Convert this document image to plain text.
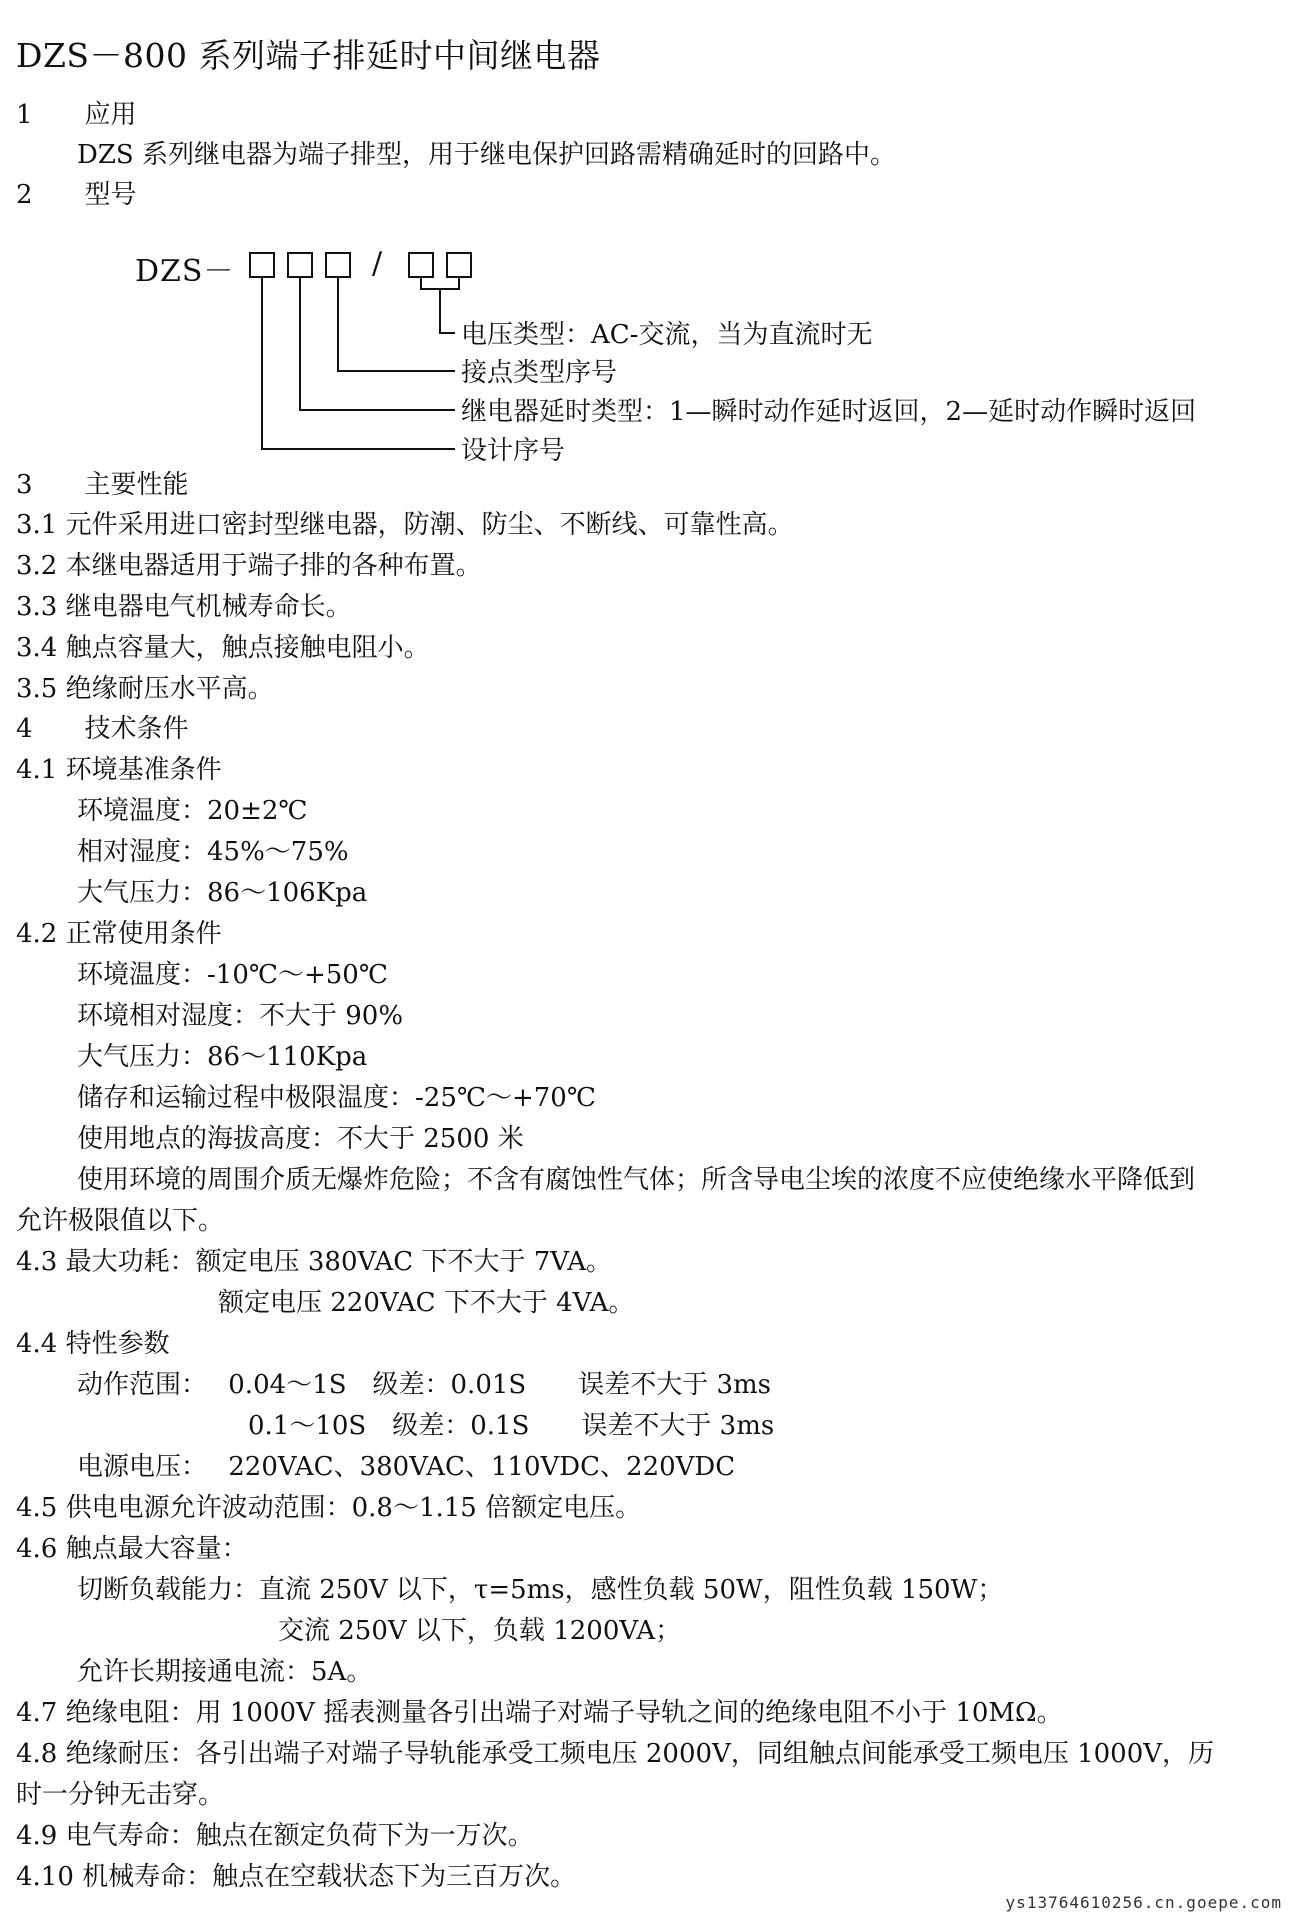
DZS－800 系列端子排延时中间继电器
1　　应用
DZS 系列继电器为端子排型，用于继电保护回路需精确延时的回路中。
2　　型号
3　　主要性能
3.1 元件采用进口密封型继电器，防潮、防尘、不断线、可靠性高。
3.2 本继电器适用于端子排的各种布置。
3.3 继电器电气机械寿命长。
3.4 触点容量大，触点接触电阻小。
3.5 绝缘耐压水平高。
4　　技术条件
4.1 环境基准条件
环境温度：20±2℃
相对湿度：45%～75%
大气压力：86～106Kpa
4.2 正常使用条件
环境温度：-10℃～+50℃
环境相对湿度：不大于 90%
大气压力：86～110Kpa
储存和运输过程中极限温度：-25℃～+70℃
使用地点的海拔高度：不大于 2500 米
使用环境的周围介质无爆炸危险；不含有腐蚀性气体；所含导电尘埃的浓度不应使绝缘水平降低到
允许极限值以下。
4.3 最大功耗：额定电压 380VAC 下不大于 7VA。
额定电压 220VAC 下不大于 4VA。
4.4 特性参数
动作范围：　 0.04～1S　级差：0.01S　　误差不大于 3ms
0.1～10S　级差：0.1S　　误差不大于 3ms
电源电压：　 220VAC、380VAC、110VDC、220VDC
4.5 供电电源允许波动范围：0.8～1.15 倍额定电压。
4.6 触点最大容量：
切断负载能力：直流 250V 以下，τ=5ms，感性负载 50W，阻性负载 150W；
交流 250V 以下，负载 1200VA；
允许长期接通电流：5A。
4.7 绝缘电阻：用 1000V 摇表测量各引出端子对端子导轨之间的绝缘电阻不小于 10MΩ。
4.8 绝缘耐压：各引出端子对端子导轨能承受工频电压 2000V，同组触点间能承受工频电压 1000V，历
时一分钟无击穿。
4.9 电气寿命：触点在额定负荷下为一万次。
4.10 机械寿命：触点在空载状态下为三百万次。
DZS－	/
电压类型：AC-交流，当为直流时无
接点类型序号
继电器延时类型：1—瞬时动作延时返回，2—延时动作瞬时返回
设计序号
ys13764610256.cn.goepe.com
